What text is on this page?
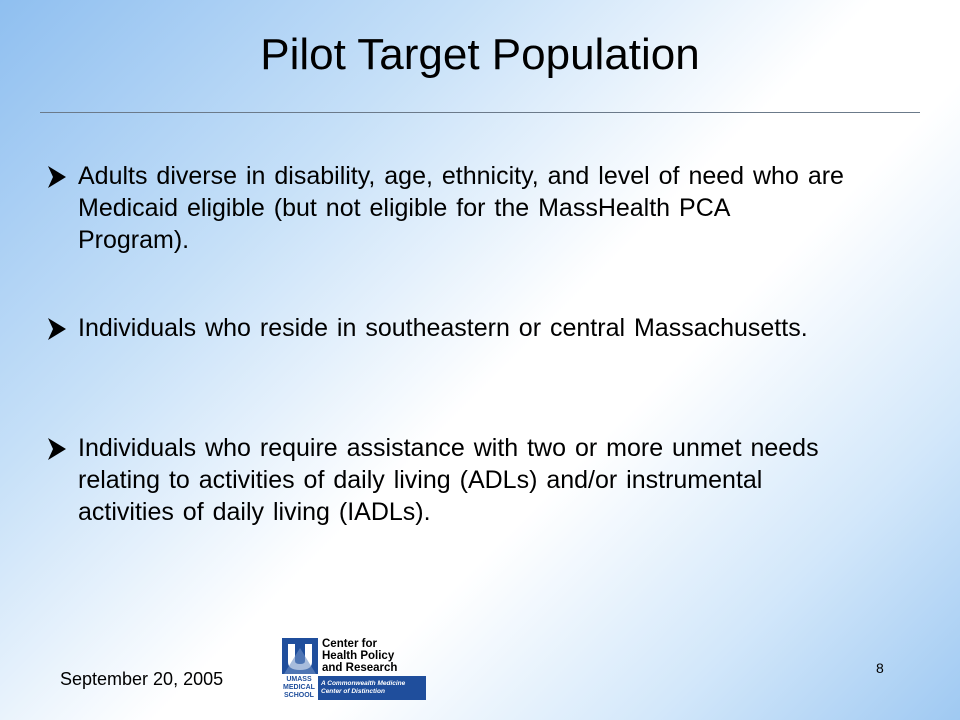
Pilot Target Population
Adults diverse in disability, age, ethnicity, and level of need who are Medicaid eligible (but not eligible for the MassHealth PCA Program).
Individuals who reside in southeastern or central Massachusetts.
Individuals who require assistance with two or more unmet needs relating to activities of daily living (ADLs) and/or instrumental activities of daily living (IADLs).
September 20, 2005
Center for
Health Policy
and Research
UMASS
MEDICAL
SCHOOL
A Commonwealth Medicine
Center of Distinction
8
